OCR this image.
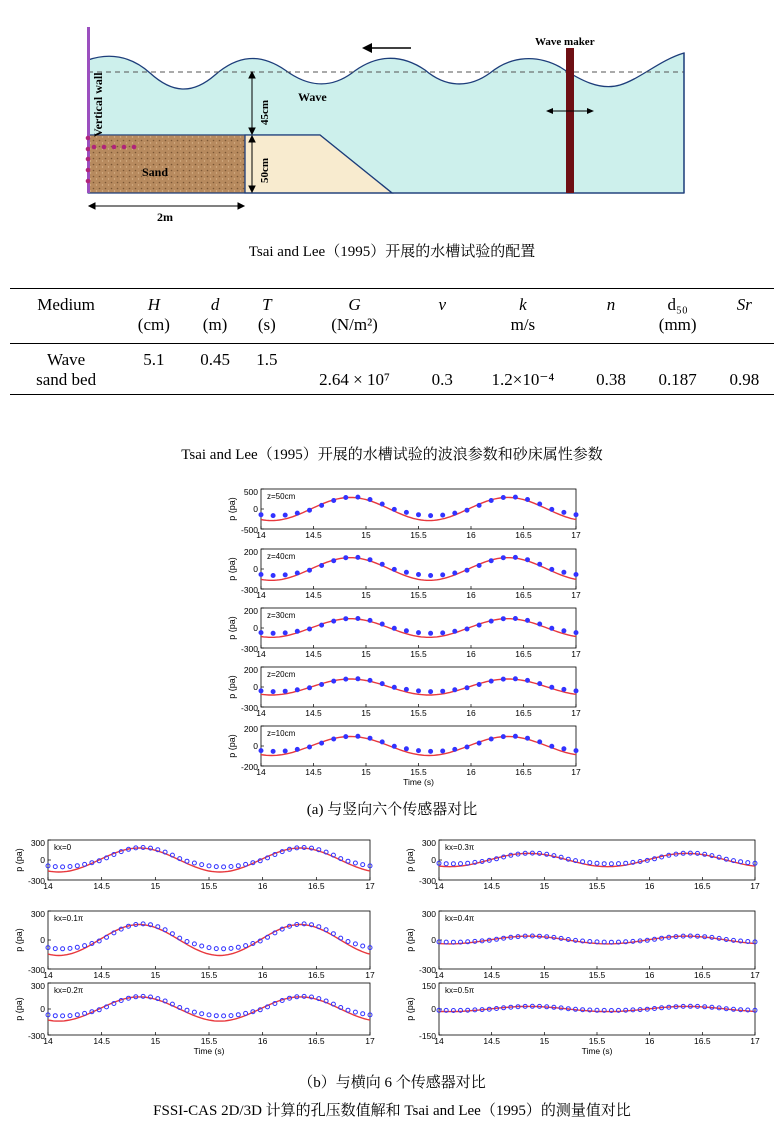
Vertical wall
Sand
Wave
45cm
50cm
2m
Wave maker
Tsai and Lee（1995）开展的水槽试验的配置
Medium	H	d	T	G	ν	k	n	d₅₀	Sr
	(cm)	(m)	(s)	(N/m²)		m/s		(mm)	
Wave	5.1	0.45	1.5						
sand bed				2.64 × 10⁷	0.3	1.2×10⁻⁴	0.38	0.187	0.98
Tsai and Lee（1995）开展的水槽试验的波浪参数和砂床属性参数
14	14.5	15	15.5	16	16.5	17
500
0
-500
p (pa)
z=50cm
14	14.5	15	15.5	16	16.5	17
200
0
-300
p (pa)
z=40cm
14	14.5	15	15.5	16	16.5	17
200
0
-300
p (pa)
z=30cm
14	14.5	15	15.5	16	16.5	17
200
0
-300
p (pa)
z=20cm
14	14.5	15	15.5	16	16.5	17
200
0
-200
p (pa)
z=10cm
Time (s)
14	14.5	15	15.5	16	16.5	17
300
0
-300
p (pa)
kx=0
14	14.5	15	15.5	16	16.5	17
300
0
-300
p (pa)
kx=0.1π
14	14.5	15	15.5	16	16.5	17
300
0
-300
p (pa)
kx=0.2π
Time (s)
14	14.5	15	15.5	16	16.5	17
300
0
-300
p (pa)
kx=0.3π
14	14.5	15	15.5	16	16.5	17
300
0
-300
p (pa)
kx=0.4π
14	14.5	15	15.5	16	16.5	17
150
0
-150
p (pa)
kx=0.5π
Time (s)
(a) 与竖向六个传感器对比
（b）与横向 6 个传感器对比
FSSI-CAS 2D/3D 计算的孔压数值解和 Tsai and Lee（1995）的测量值对比
